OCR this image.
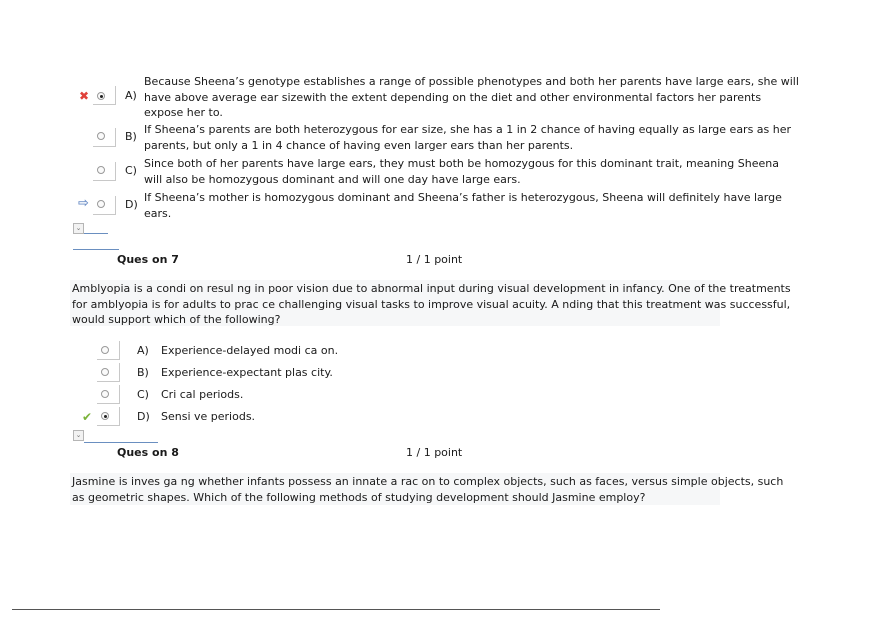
✖	A)
Because Sheena’s genotype establishes a range of possible phenotypes and both her parents have large ears, she will
have above average ear sizewith the extent depending on the diet and other environmental factors her parents
expose her to.
B)
If Sheena’s parents are both heterozygous for ear size, she has a 1 in 2 chance of having equally as large ears as her
parents, but only a 1 in 4 chance of having even larger ears than her parents.
C)
Since both of her parents have large ears, they must both be homozygous for this dominant trait, meaning Sheena
will also be homozygous dominant and will one day have large ears.
⇨	D)
If Sheena’s mother is homozygous dominant and Sheena’s father is heterozygous, Sheena will definitely have large
ears.
⌄
Ques on 7	1 / 1 point
Amblyopia is a condi on resul ng in poor vision due to abnormal input during visual development in infancy. One of the treatments
for amblyopia is for adults to prac ce challenging visual tasks to improve visual acuity. A nding that this treatment was successful,
would support which of the following?
A) Experience-delayed modi ca on.
B) Experience-expectant plas city.
C) Cri cal periods.
✔	D) Sensi ve periods.
⌄
Ques on 8	1 / 1 point
Jasmine is inves ga ng whether infants possess an innate a rac on to complex objects, such as faces, versus simple objects, such
as geometric shapes. Which of the following methods of studying development should Jasmine employ?
